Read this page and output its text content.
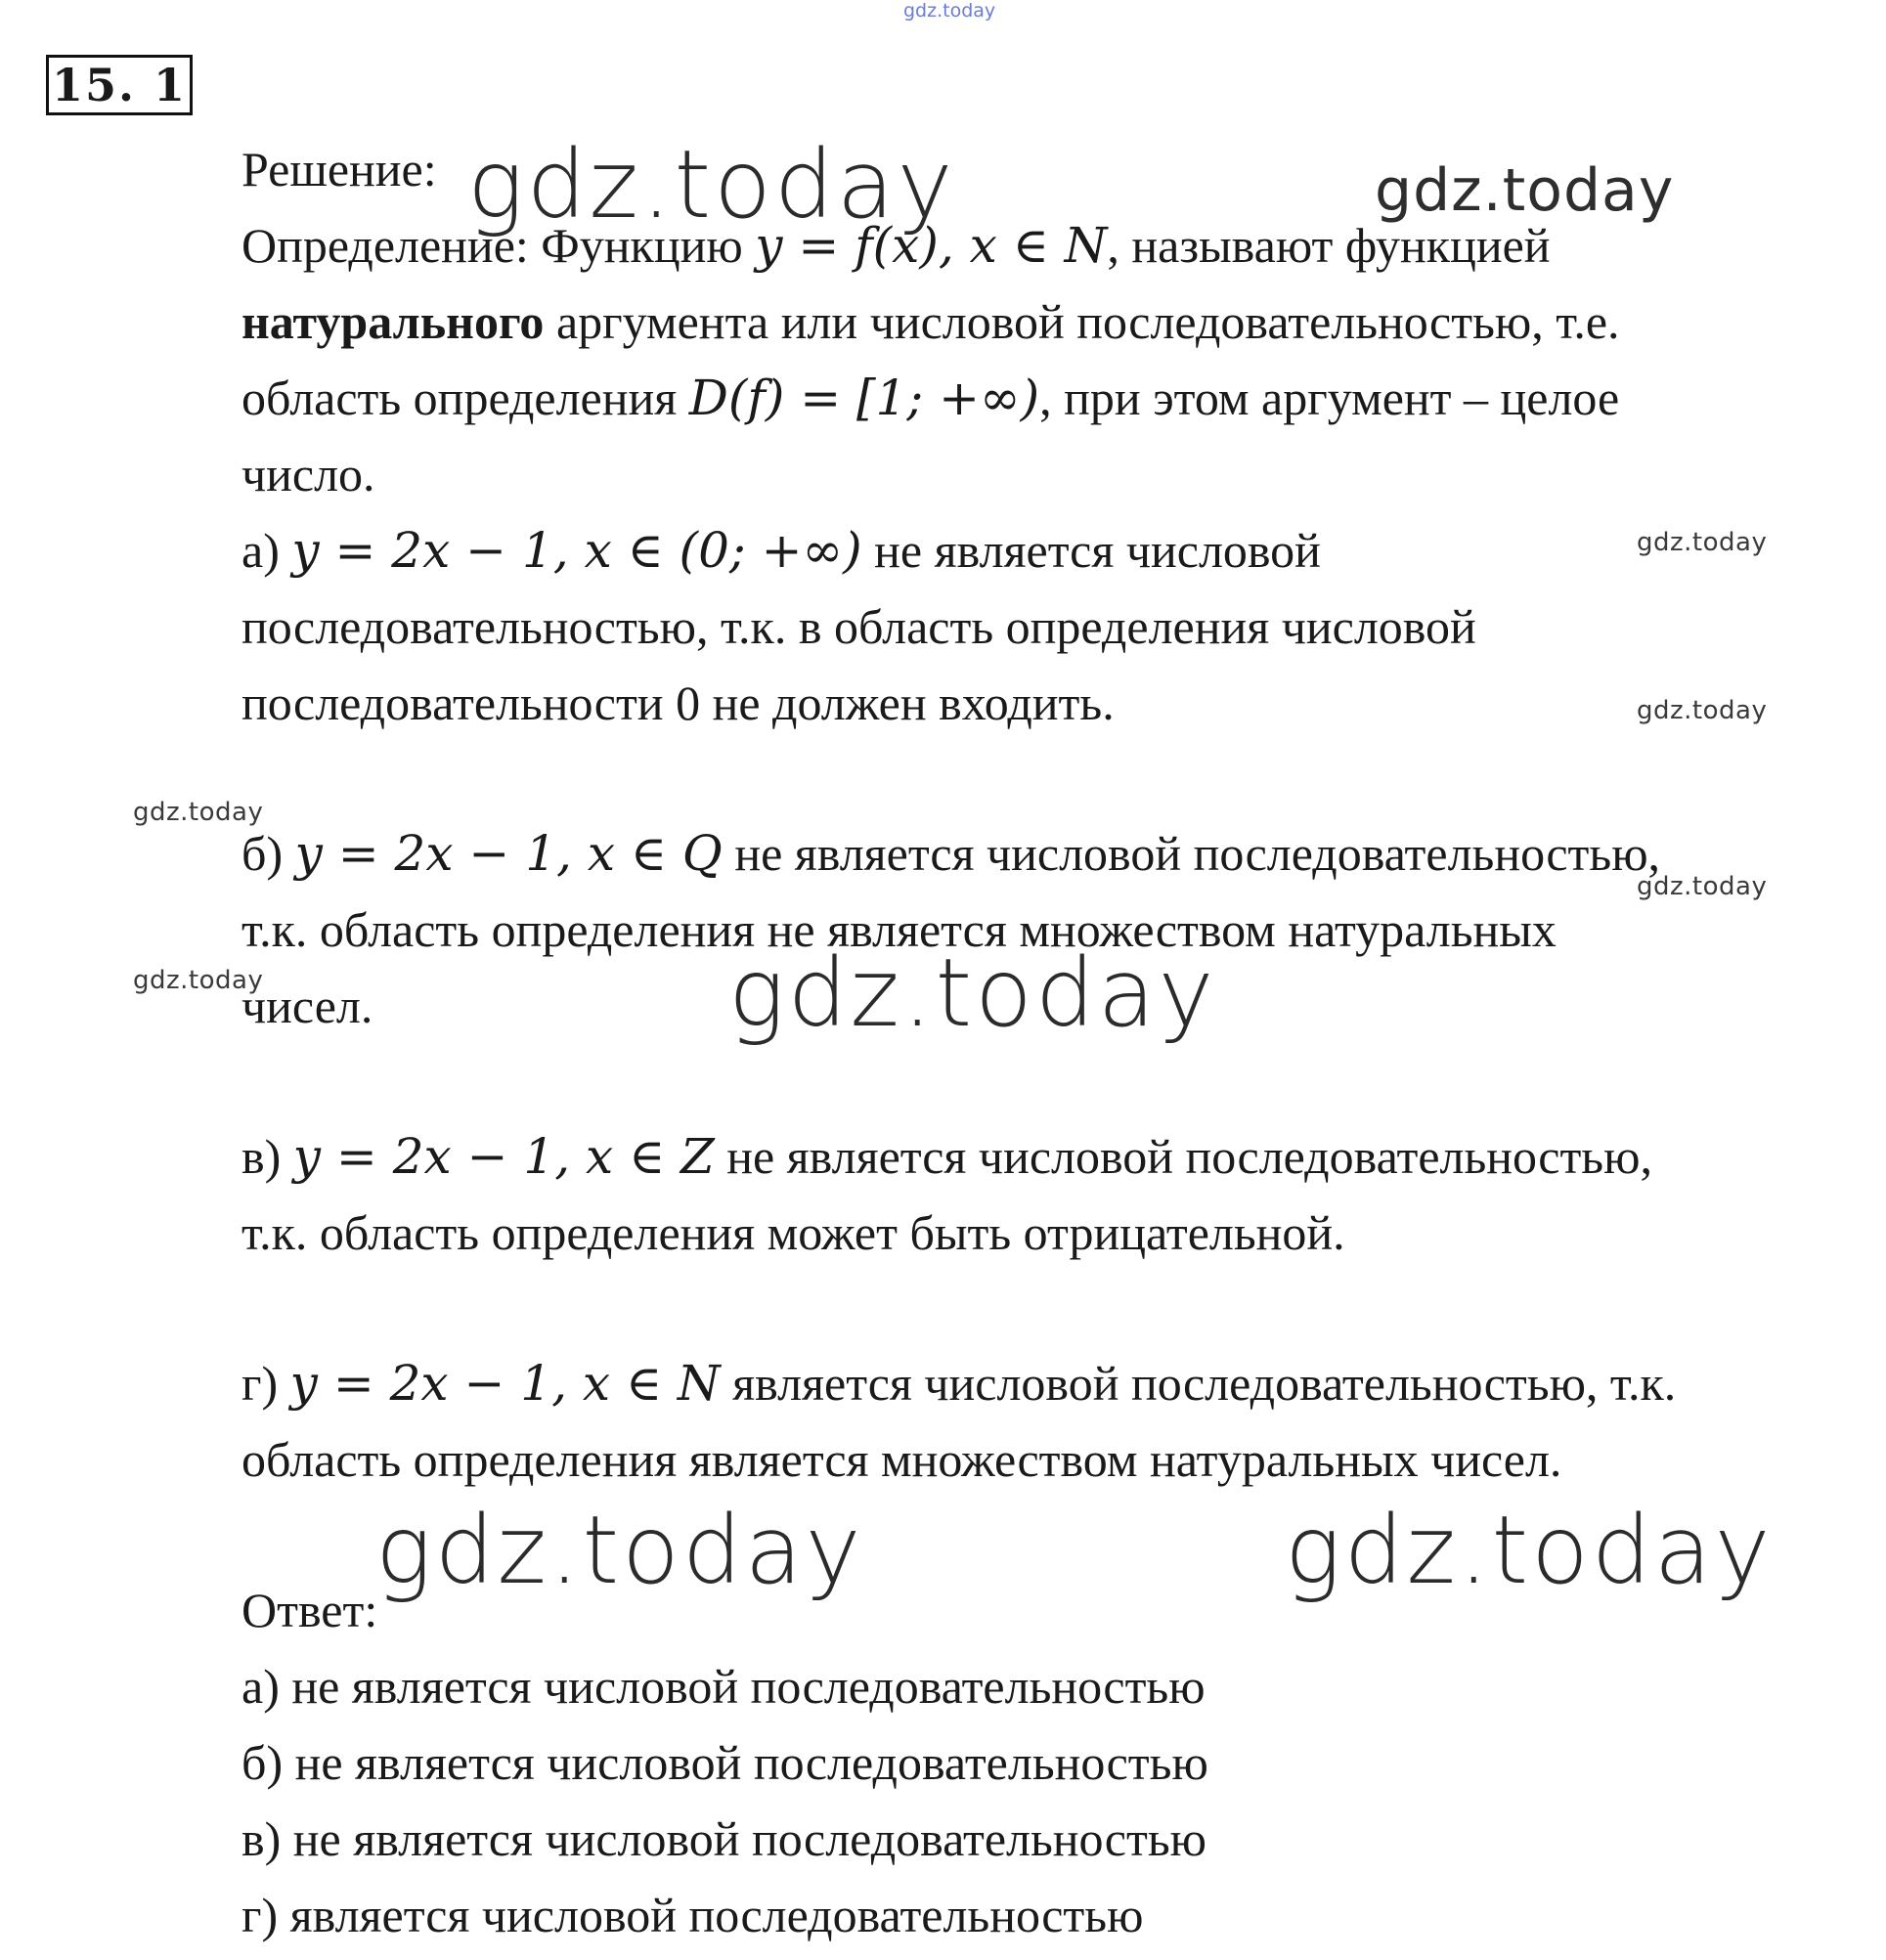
gdz.today
gdz.today	gdz.today
gdz.today
gdz.today
gdz.today
gdz.today
gdz.today	gdz.today
gdz.today	gdz.today
15. 1
Решение:
Определение: Функцию y = f(x), x ∈ N, называют функцией
натурального аргумента или числовой последовательностью, т.е.
область определения D(f) = [1; +∞), при этом аргумент – целое
число.
а) y = 2x − 1, x ∈ (0; +∞) не является числовой
последовательностью, т.к. в область определения числовой
последовательности 0 не должен входить.
б) y = 2x − 1, x ∈ Q не является числовой последовательностью,
т.к. область определения не является множеством натуральных
чисел.
в) y = 2x − 1, x ∈ Z не является числовой последовательностью,
т.к. область определения может быть отрицательной.
г) y = 2x − 1, x ∈ N является числовой последовательностью, т.к.
область определения является множеством натуральных чисел.
Ответ:
а) не является числовой последовательностью
б) не является числовой последовательностью
в) не является числовой последовательностью
г) является числовой последовательностью
